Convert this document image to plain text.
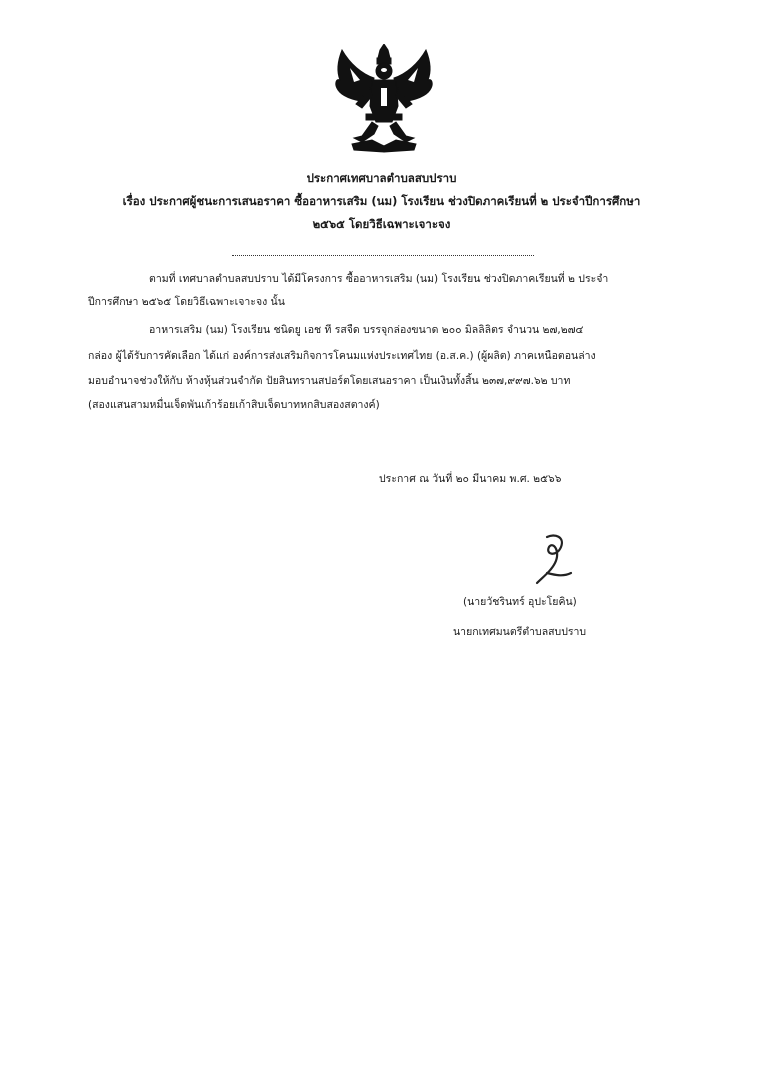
ประกาศเทศบาลตำบลสบปราบ
เรื่อง ประกาศผู้ชนะการเสนอราคา ซื้ออาหารเสริม (นม) โรงเรียน ช่วงปิดภาคเรียนที่ ๒ ประจำปีการศึกษา
๒๕๖๕ โดยวิธีเฉพาะเจาะจง
ตามที่ เทศบาลตำบลสบปราบ ได้มีโครงการ ซื้ออาหารเสริม (นม) โรงเรียน ช่วงปิดภาคเรียนที่ ๒ ประจำ
ปีการศึกษา ๒๕๖๕ โดยวิธีเฉพาะเจาะจง นั้น
อาหารเสริม (นม) โรงเรียน ชนิดยู เอช ที รสจืด บรรจุกล่องขนาด ๒๐๐ มิลลิลิตร จำนวน ๒๗,๒๗๔
กล่อง ผู้ได้รับการคัดเลือก ได้แก่ องค์การส่งเสริมกิจการโคนมแห่งประเทศไทย (อ.ส.ค.) (ผู้ผลิต) ภาคเหนือตอนล่าง
มอบอำนาจช่วงให้กับ ห้างหุ้นส่วนจำกัด ปัยสินทรานสปอร์ตโดยเสนอราคา เป็นเงินทั้งสิ้น ๒๓๗,๙๙๗.๖๒ บาท
(สองแสนสามหมื่นเจ็ดพันเก้าร้อยเก้าสิบเจ็ดบาทหกสิบสองสตางค์)
ประกาศ ณ วันที่ ๒๐ มีนาคม พ.ศ. ๒๕๖๖
(นายวัชรินทร์ อุปะโยคิน)
นายกเทศมนตรีตำบลสบปราบ
